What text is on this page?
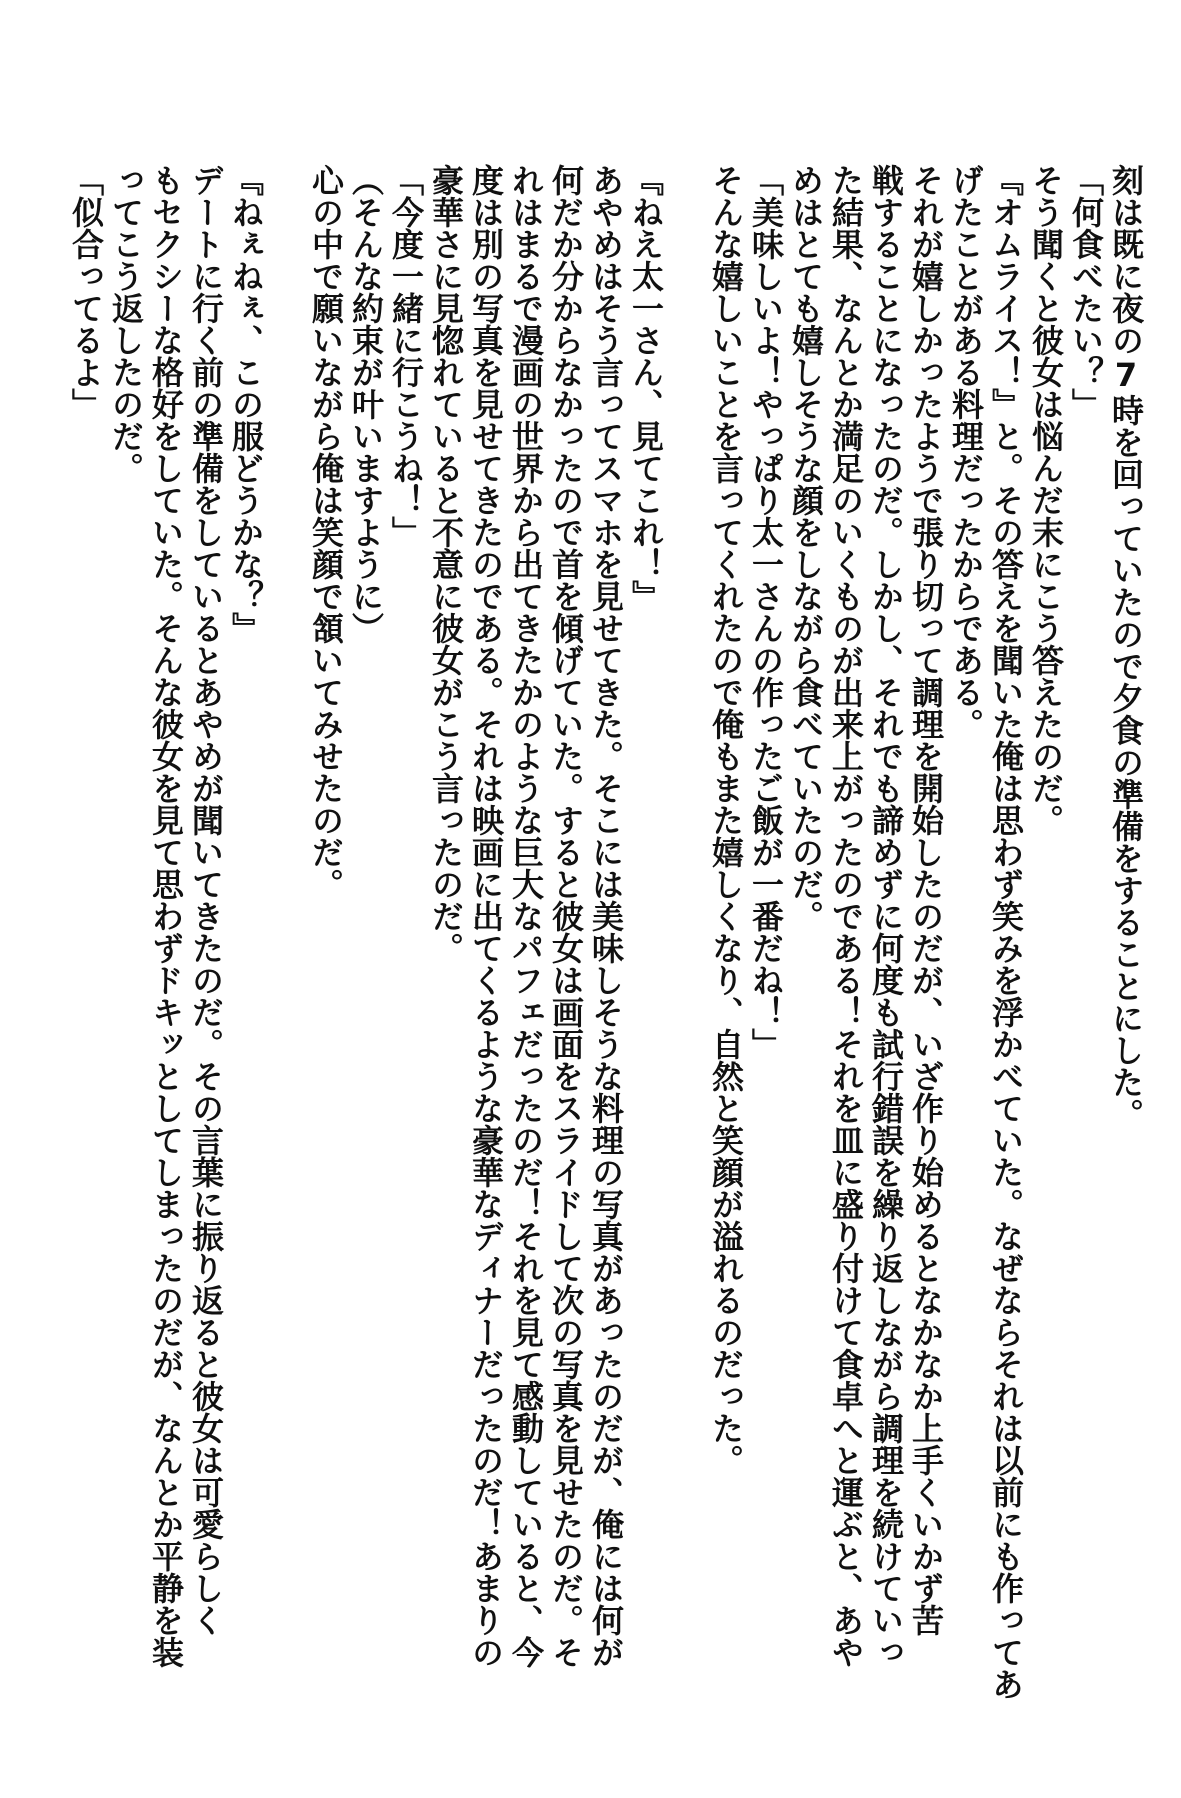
刻は既に夜の7時を回っていたので夕食の準備をすることにした。
「何食べたい？」
そう聞くと彼女は悩んだ末にこう答えたのだ。
『オムライス！』と。その答えを聞いた俺は思わず笑みを浮かべていた。なぜならそれは以前にも作ってあ
げたことがある料理だったからである。
それが嬉しかったようで張り切って調理を開始したのだが、いざ作り始めるとなかなか上手くいかず苦
戦することになったのだ。しかし、それでも諦めずに何度も試行錯誤を繰り返しながら調理を続けていっ
た結果、なんとか満足のいくものが出来上がったのである！それを皿に盛り付けて食卓へと運ぶと、あや
めはとても嬉しそうな顔をしながら食べていたのだ。
「美味しいよ！やっぱり太一さんの作ったご飯が一番だね！」
そんな嬉しいことを言ってくれたので俺もまた嬉しくなり、自然と笑顔が溢れるのだった。
『ねえ太一さん、見てこれ！』
あやめはそう言ってスマホを見せてきた。そこには美味しそうな料理の写真があったのだが、俺には何が
何だか分からなかったので首を傾げていた。すると彼女は画面をスライドして次の写真を見せたのだ。そ
れはまるで漫画の世界から出てきたかのような巨大なパフェだったのだ！それを見て感動していると、今
度は別の写真を見せてきたのである。それは映画に出てくるような豪華なディナーだったのだ！あまりの
豪華さに見惚れていると不意に彼女がこう言ったのだ。
「今度一緒に行こうね！」
（そんな約束が叶いますように）
心の中で願いながら俺は笑顔で頷いてみせたのだ。
『ねぇねぇ、この服どうかな？』
デートに行く前の準備をしているとあやめが聞いてきたのだ。その言葉に振り返ると彼女は可愛らしく
もセクシーな格好をしていた。そんな彼女を見て思わずドキッとしてしまったのだが、なんとか平静を装
ってこう返したのだ。
「似合ってるよ」
